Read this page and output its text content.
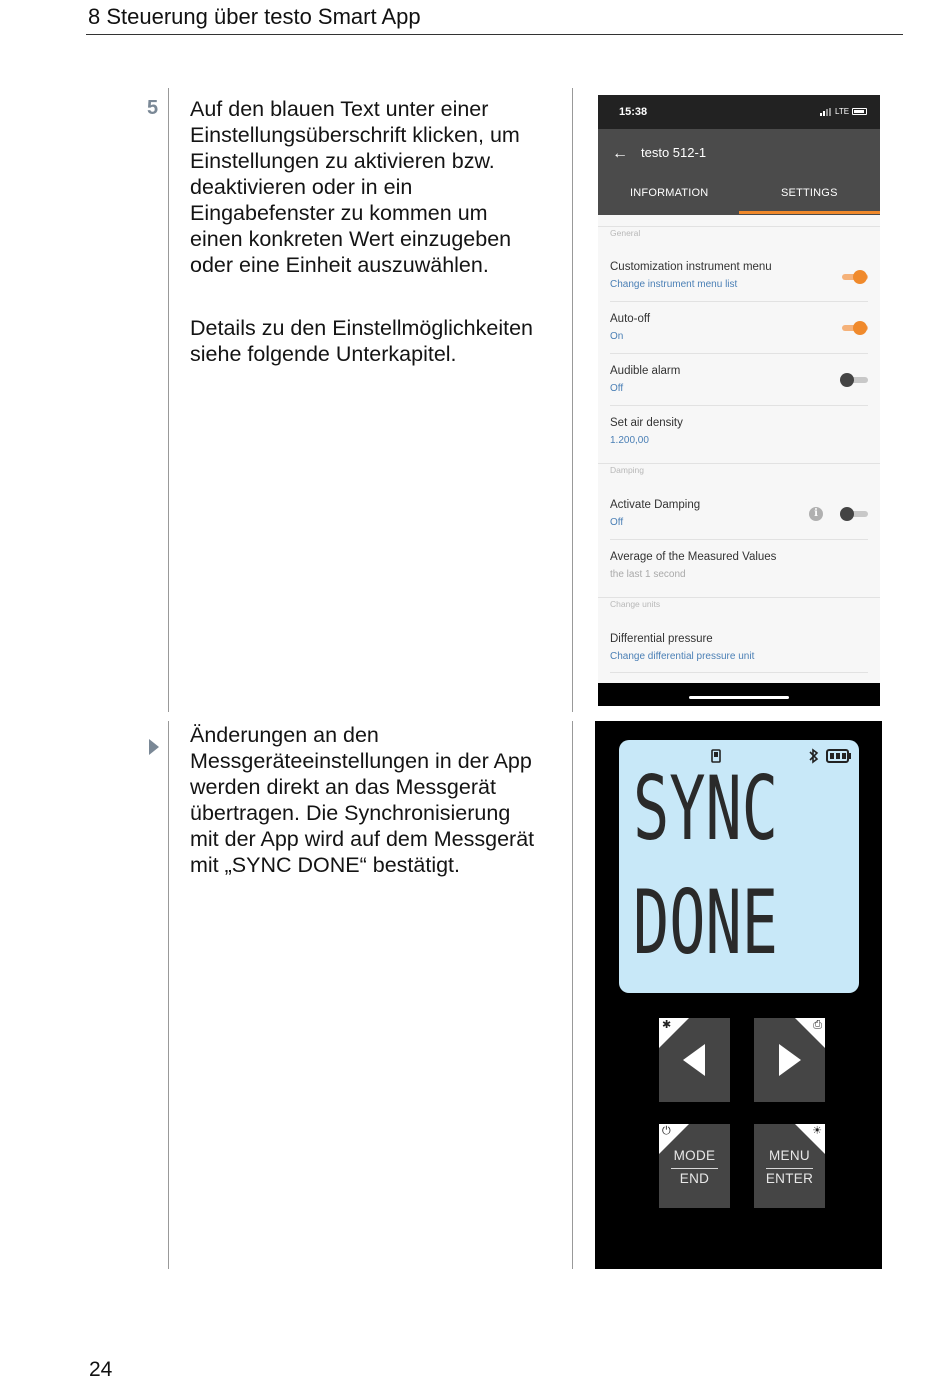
8 Steuerung über testo Smart App
5 Auf den blauen Text unter einer
Einstellungsüberschrift klicken, um
Einstellungen zu aktivieren bzw.
deaktivieren oder in ein
Eingabefenster zu kommen um
einen konkreten Wert einzugeben
oder eine Einheit auszuwählen.
Details zu den Einstellmöglichkeiten
siehe folgende Unterkapitel.
Änderungen an den
Messgeräteeinstellungen in der App
werden direkt an das Messgerät
übertragen. Die Synchronisierung
mit der App wird auf dem Messgerät
mit „SYNC DONE“ bestätigt.
15:38	LTE
← testo 512-1
INFORMATION	SETTINGS
General
Customization instrument menu
Change instrument menu list
Auto-off
On
Audible alarm
Off
Set air density
1.200,00
Damping
Activate Damping
Off
i
Average of the Measured Values
the last 1 second
Change units
Differential pressure
Change differential pressure unit
SYNC
DONE
✱	⎙
⏻
MODE
END
☀
MENU
ENTER
24
